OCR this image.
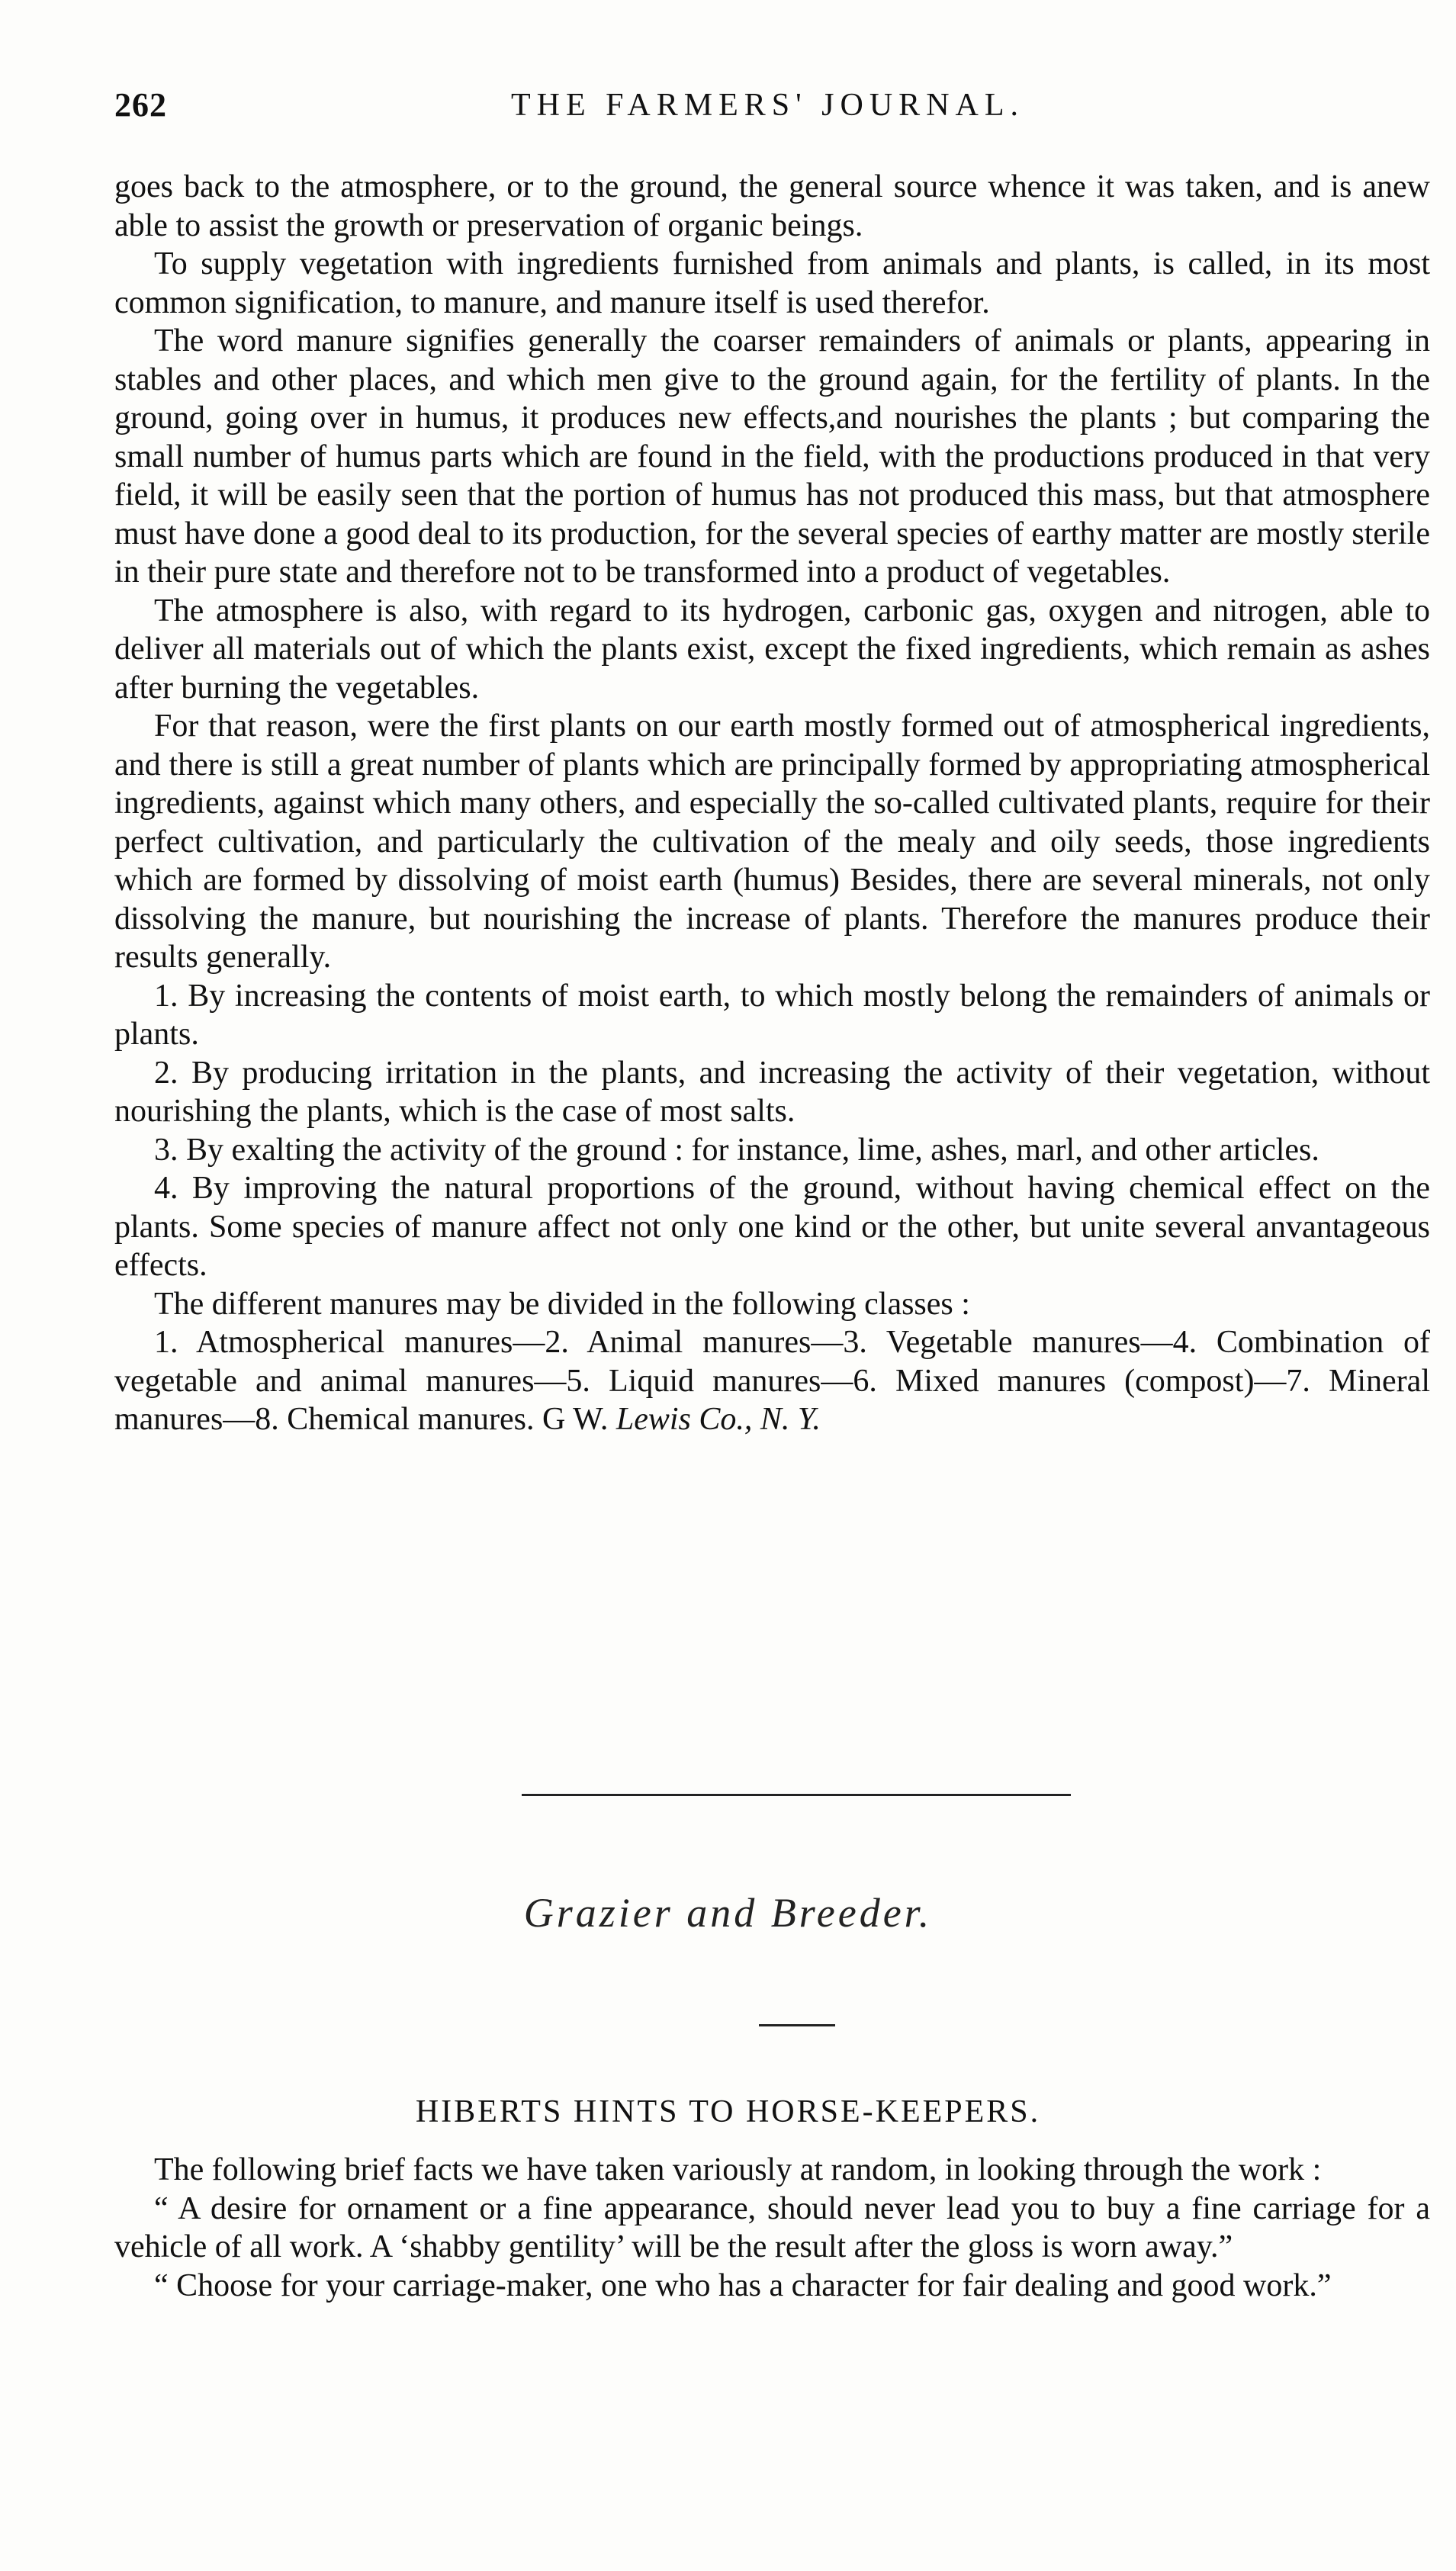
262	THE FARMERS' JOURNAL.

goes back to the atmosphere, or to the ground, the general source whence it was taken, and is anew able to assist the growth or preservation of organic beings.

To supply vegetation with ingredients furnished from animals and plants, is called, in its most common signification, to manure, and manure itself is used therefor.

The word manure signifies generally the coarser remainders of animals or plants, appearing in stables and other places, and which men give to the ground again, for the fertility of plants. In the ground, going over in humus, it produces new effects,and nourishes the plants ; but comparing the small number of humus parts which are found in the field, with the productions produced in that very field, it will be easily seen that the portion of humus has not produced this mass, but that atmosphere must have done a good deal to its production, for the several species of earthy matter are mostly sterile in their pure state and therefore not to be transformed into a product of vegetables.

The atmosphere is also, with regard to its hydrogen, carbonic gas, oxygen and nitrogen, able to deliver all materials out of which the plants exist, except the fixed ingredients, which remain as ashes after burning the vegetables.

For that reason, were the first plants on our earth mostly formed out of atmospherical ingredients, and there is still a great number of plants which are principally formed by appropriating atmospherical ingredients, against which many others, and especially the so-called cultivated plants, require for their perfect cultivation, and particularly the cultivation of the mealy and oily seeds, those ingredients which are formed by dissolving of moist earth (humus) Besides, there are several minerals, not only dissolving the manure, but nourishing the increase of plants. Therefore the manures produce their results generally.

1. By increasing the contents of moist earth, to which mostly belong the remainders of animals or plants.

2. By producing irritation in the plants, and increasing the activity of their vegetation, without nourishing the plants, which is the case of most salts.

3. By exalting the activity of the ground : for instance, lime, ashes, marl, and other articles.

4. By improving the natural proportions of the ground, without having chemical effect on the plants. Some species of manure affect not only one kind or the other, but unite several anvantageous effects.

The different manures may be divided in the following classes :

1. Atmospherical manures—2. Animal manures—3. Vegetable manures—4. Combination of vegetable and animal manures—5. Liquid manures—6. Mixed manures (compost)—7. Mineral manures—8. Chemical manures. G W. Lewis Co., N. Y.

Grazier and Breeder.
HIBERTS HINTS TO HORSE-KEEPERS.

The following brief facts we have taken variously at random, in looking through the work :

“ A desire for ornament or a fine appearance, should never lead you to buy a fine carriage for a vehicle of all work. A ‘shabby gentility’ will be the result after the gloss is worn away.”

“ Choose for your carriage-maker, one who has a character for fair dealing and good work.”
